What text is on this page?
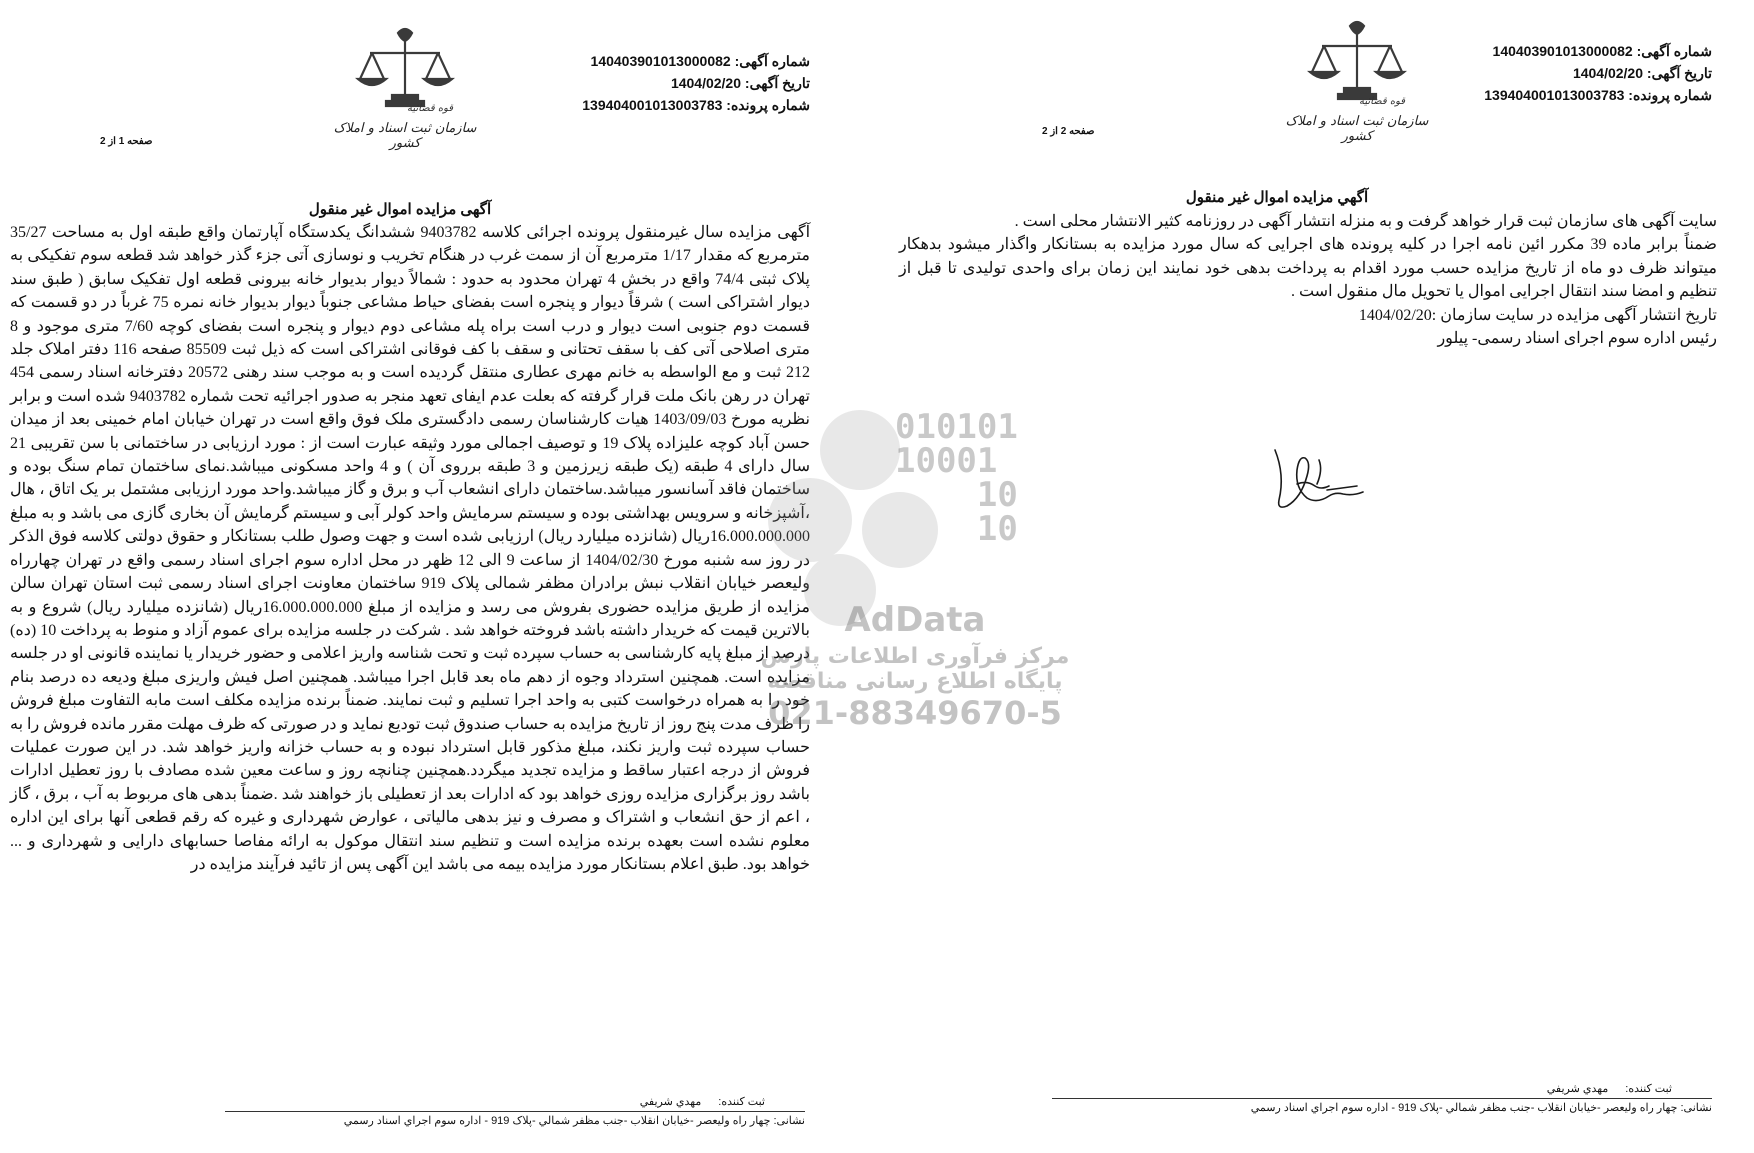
شماره آگهی: 140403901013000082
تاریخ آگهی: 1404/02/20
شماره پرونده: 139404001013003783
قوه قضائیه
سازمان ثبت اسناد و املاک کشور
صفحه 1 از 2
آگهی مزایده اموال غیر منقول
آگهی مزایده سال غیرمنقول پرونده اجرائی کلاسه 9403782 ششدانگ یکدستگاه آپارتمان واقع طبقه اول به مساحت 35/27 مترمربع که مقدار 1/17 مترمربع آن از سمت غرب در هنگام تخریب و نوسازی آتی جزء گذر خواهد شد قطعه سوم تفکیکی به پلاک ثبتی 74/4 واقع در بخش 4 تهران محدود به حدود : شمالاً دیوار بدیوار خانه بیرونی قطعه اول تفکیک سابق ( طبق سند دیوار اشتراکی است ) شرقاً دیوار و پنجره است بفضای حیاط مشاعی جنوباً دیوار بدیوار خانه نمره 75 غرباً در دو قسمت که قسمت دوم جنوبی است دیوار و درب است براه پله مشاعی دوم دیوار و پنجره است بفضای کوچه 7/60 متری موجود و 8 متری اصلاحی آتی کف با سقف تحتانی و سقف با کف فوقانی اشتراکی است که ذیل ثبت 85509 صفحه 116 دفتر املاک جلد 212 ثبت و مع الواسطه به خانم مهری عطاری منتقل گردیده است و به موجب سند رهنی 20572 دفترخانه اسناد رسمی 454 تهران در رهن بانک ملت قرار گرفته که بعلت عدم ایفای تعهد منجر به صدور اجرائیه تحت شماره 9403782 شده است و برابر نظریه مورخ 1403/09/03 هیات کارشناسان رسمی دادگستری ملک فوق واقع است در تهران خیابان امام خمینی بعد از میدان حسن آباد کوچه علیزاده پلاک 19 و توصیف اجمالی مورد وثیقه عبارت است از : مورد ارزیابی در ساختمانی با سن تقریبی 21 سال دارای 4 طبقه (یک طبقه زیرزمین و 3 طبقه برروی آن ) و 4 واحد مسکونی میباشد.نمای ساختمان تمام سنگ بوده و ساختمان فاقد آسانسور میباشد.ساختمان دارای انشعاب آب و برق و گاز میباشد.واحد مورد ارزیابی مشتمل بر یک اتاق ، هال ،آشپزخانه و سرویس بهداشتی بوده و سیستم سرمایش واحد کولر آبی و سیستم گرمایش آن بخاری گازی می باشد و به مبلغ 16.000.000.000ریال (شانزده میلیارد ریال) ارزیابی شده است و جهت وصول طلب بستانکار و حقوق دولتی کلاسه فوق الذکر در روز سه شنبه مورخ 1404/02/30 از ساعت 9 الی 12 ظهر در محل اداره سوم اجرای اسناد رسمی واقع در تهران چهارراه ولیعصر خیابان انقلاب نبش برادران مظفر شمالی پلاک 919 ساختمان معاونت اجرای اسناد رسمی ثبت استان تهران سالن مزایده از طریق مزایده حضوری بفروش می رسد و مزایده از مبلغ 16.000.000.000ریال (شانزده میلیارد ریال) شروع و به بالاترین قیمت که خریدار داشته باشد فروخته خواهد شد . شرکت در جلسه مزایده برای عموم آزاد و منوط به پرداخت 10 (ده) درصد از مبلغ پایه کارشناسی به حساب سپرده ثبت و تحت شناسه واریز اعلامی و حضور خریدار یا نماینده قانونی او در جلسه مزایده است. همچنین استرداد وجوه از دهم ماه بعد قابل اجرا میباشد. همچنین اصل فیش واریزی مبلغ ودیعه ده درصد بنام خود را به همراه درخواست کتبی به واحد اجرا تسلیم و ثبت نمایند. ضمناً برنده مزایده مکلف است مابه التفاوت مبلغ فروش را ظرف مدت پنج روز از تاریخ مزایده به حساب صندوق ثبت تودیع نماید و در صورتی که ظرف مهلت مقرر مانده فروش را به حساب سپرده ثبت واریز نکند، مبلغ مذکور قابل استرداد نبوده و به حساب خزانه واریز خواهد شد. در این صورت عملیات فروش از درجه اعتبار ساقط و مزایده تجدید میگردد.همچنین چنانچه روز و ساعت معین شده مصادف با روز تعطیل ادارات باشد روز برگزاری مزایده روزی خواهد بود که ادارات بعد از تعطیلی باز خواهند شد .ضمناً بدهی های مربوط به آب ، برق ، گاز ، اعم از حق انشعاب و اشتراک و مصرف و نیز بدهی مالیاتی ، عوارض شهرداری و غیره که رقم قطعی آنها برای این اداره معلوم نشده است بعهده برنده مزایده است و تنظیم سند انتقال موکول به ارائه مفاصا حسابهای دارایی و شهرداری و ... خواهد بود. طبق اعلام بستانکار مورد مزایده بیمه می باشد این آگهی پس از تائید فرآیند مزایده در
ثبت کننده: مهدي شريفي
نشانی: چهار راه وليعصر -خيابان انقلاب -جنب مظفر شمالي -پلاک 919 - اداره سوم اجراي اسناد رسمي
شماره آگهی: 140403901013000082
تاریخ آگهی: 1404/02/20
شماره پرونده: 139404001013003783
قوه قضائیه
سازمان ثبت اسناد و املاک کشور
صفحه 2 از 2
آگهي مزايده اموال غير منقول
سایت آگهی های سازمان ثبت قرار خواهد گرفت و به منزله انتشار آگهی در روزنامه کثیر الانتشار محلی است .
ضمناً برابر ماده 39 مکرر ائین نامه اجرا در کلیه پرونده های اجرایی که سال مورد مزایده به بستانکار واگذار میشود بدهکار میتواند ظرف دو ماه از تاریخ مزایده حسب مورد اقدام به پرداخت بدهی خود نمایند این زمان برای واحدی تولیدی تا قبل از تنظیم و امضا سند انتقال اجرایی اموال یا تحویل مال منقول است .
تاریخ انتشار آگهی مزایده در سایت سازمان :1404/02/20
رئیس اداره سوم اجرای اسناد رسمی- پیلور
ثبت کننده: مهدي شريفي
نشانی: چهار راه وليعصر -خيابان انقلاب -جنب مظفر شمالي -پلاک 919 - اداره سوم اجراي اسناد رسمي
010101
10001
10
10
AdData
مرکز فرآوری اطلاعات پارس
پایگاه اطلاع رسانی مناقصه
021-88349670-5
